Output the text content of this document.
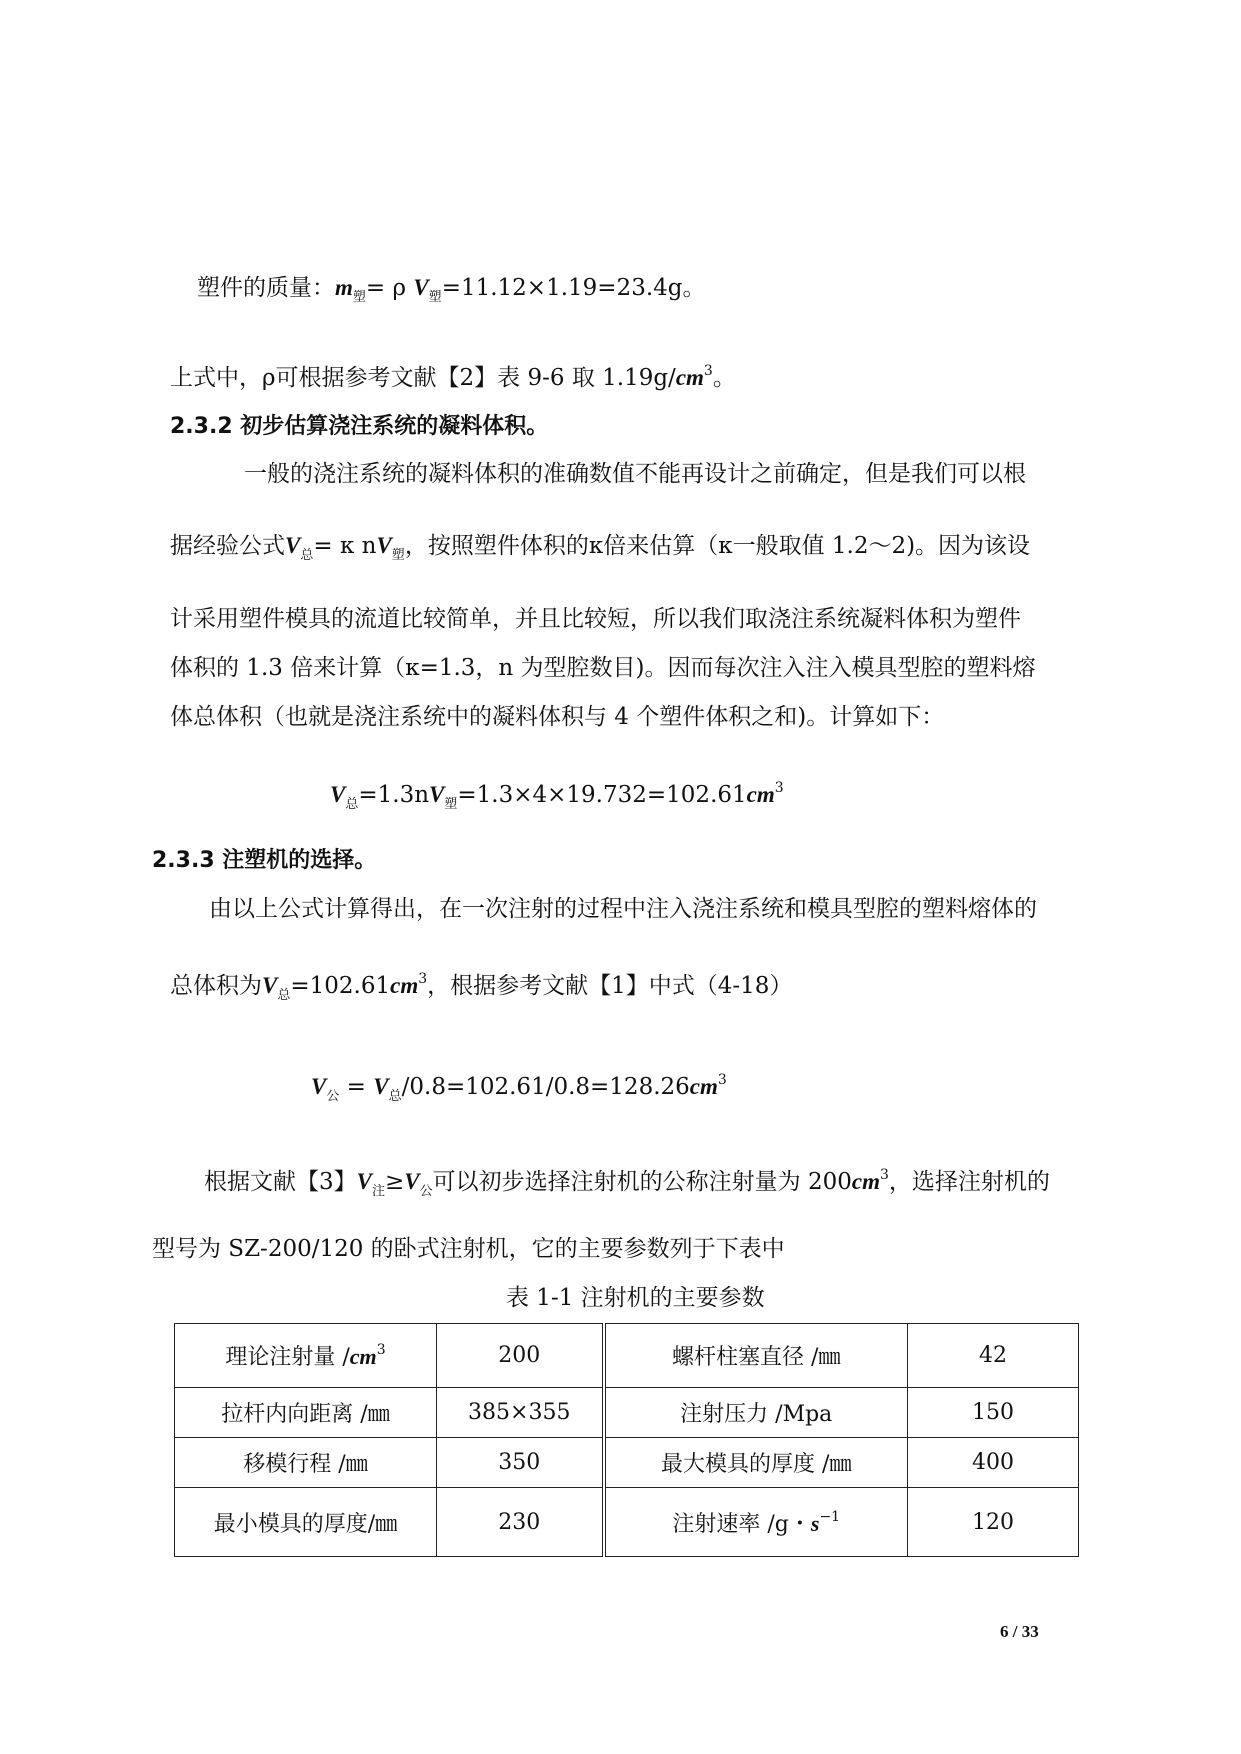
塑件的质量：$m_塑= \rho$ $V_塑=11.12\times 1.19=23.4g$。
上式中，ρ可根据参考文献【2】表 9-6 取 $1.19g/cm^3$。
2.3.2 初步估算浇注系统的凝料体积。
一般的浇注系统的凝料体积的准确数值不能再设计之前确定，但是我们可以根
据经验公式$V_总= \kappa$ $nV_塑$，按照塑件体积的κ倍来估算（κ一般取值 1.2～2)。因为该设
计采用塑件模具的流道比较简单，并且比较短，所以我们取浇注系统凝料体积为塑件
体积的 1.3 倍来计算（κ=1.3，n 为型腔数目)。因而每次注入注入模具型腔的塑料熔
体总体积（也就是浇注系统中的凝料体积与 4 个塑件体积之和)。计算如下：
$V_总=1.3nV_塑=1.3\times 4\times 19.732=102.61cm^3$
2.3.3 注塑机的选择。
由以上公式计算得出，在一次注射的过程中注入浇注系统和模具型腔的塑料熔体的
总体积为$V_总=102.61cm^3$，根据参考文献【1】中式（4-18）
$V_公 = V_总/0.8=102.61/0.8=128.26cm^3$
根据文献【3】$V_注\ge V_公$可以初步选择注射机的公称注射量为 $200cm^3$，选择注射机的
型号为 SZ-200/120 的卧式注射机，它的主要参数列于下表中
表 1-1 注射机的主要参数
理论注射量 $/cm^3$	200	螺杆柱塞直径 /㎜	42
拉杆内向距离 /㎜	385×355	注射压力 /Mpa	150
移模行程 /㎜	350	最大模具的厚度 /㎜	400
最小模具的厚度/㎜	230	注射速率 /g・$s^{-1}$	120
6 / 33
